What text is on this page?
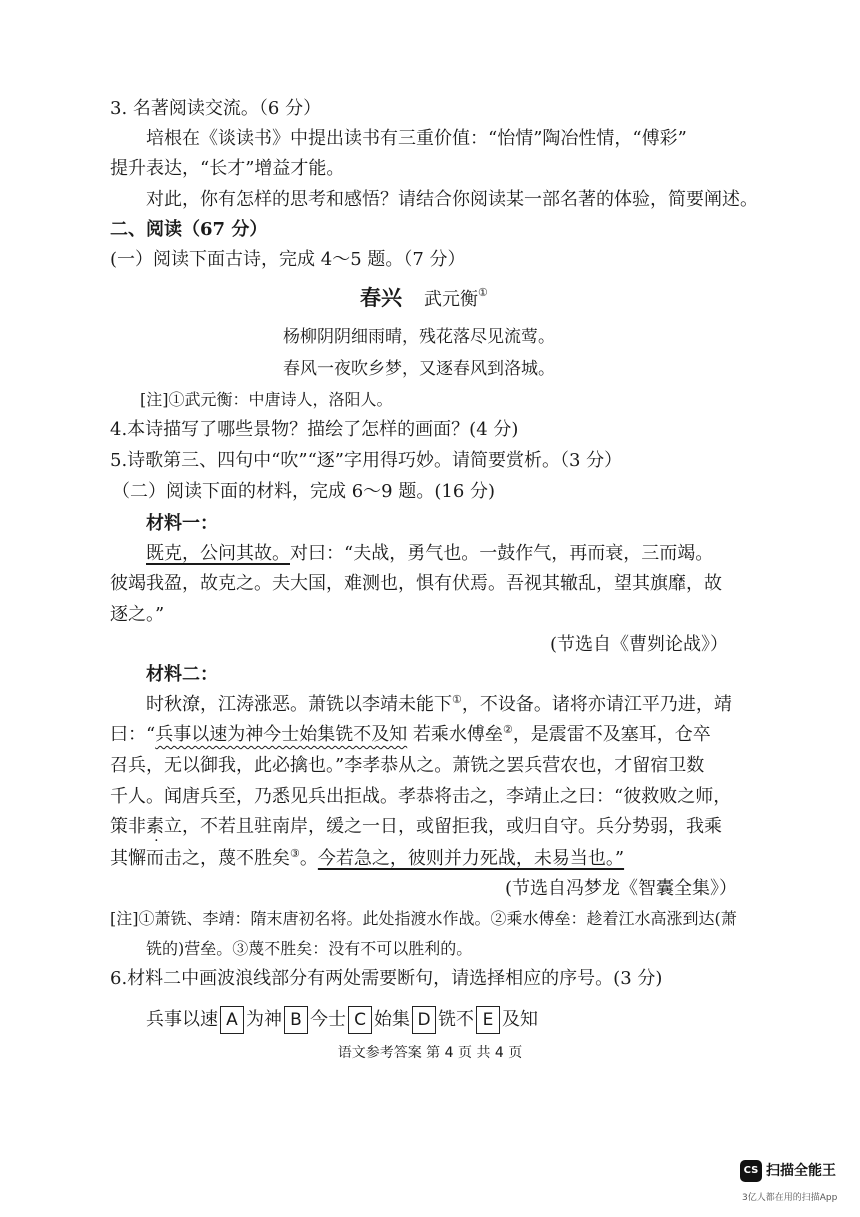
3. 名著阅读交流。（6 分）
培根在《谈读书》中提出读书有三重价值：“怡情”陶冶性情，“傅彩”
提升表达，“长才”增益才能。
对此，你有怎样的思考和感悟？请结合你阅读某一部名著的体验，简要阐述。
二、阅读（67 分）
(一）阅读下面古诗，完成 4～5 题。（7 分）
春兴 武元衡①
杨柳阴阴细雨晴，残花落尽见流莺。
春风一夜吹乡梦，又逐春风到洛城。
[注]①武元衡：中唐诗人，洛阳人。
4.本诗描写了哪些景物？描绘了怎样的画面？(4 分)
5.诗歌第三、四句中“吹”“逐”字用得巧妙。请简要赏析。（3 分）
（二）阅读下面的材料，完成 6～9 题。(16 分)
材料一：
既克，公问其故。对曰：“夫战，勇气也。一鼓作气，再而衰，三而竭。
彼竭我盈，故克之。夫大国，难测也，惧有伏焉。吾视其辙乱，望其旗靡，故
逐之。”
(节选自《曹刿论战》）
材料二：
时秋潦，江涛涨恶。萧铣以李靖未能下①，不设备。诸将亦请江平乃进，靖
曰：“兵事以速为神今士始集铣不及知 若乘水傅垒②，是震雷不及塞耳，仓卒
召兵，无以御我，此必擒也。”李孝恭从之。萧铣之罢兵营农也，才留宿卫数
千人。闻唐兵至，乃悉见兵出拒战。孝恭将击之，李靖止之曰：“彼救败之师，
策非素立，不若且驻南岸，缓之一日，或留拒我，或归自守。兵分势弱，我乘
其懈而击之，蔑不胜矣③。今若急之，彼则并力死战，未易当也。”
(节选自冯梦龙《智囊全集》）
[注]①萧铣、李靖：隋末唐初名将。此处指渡水作战。②乘水傅垒：趁着江水高涨到达(萧
铣的)营垒。③蔑不胜矣：没有不可以胜利的。
6.材料二中画波浪线部分有两处需要断句，请选择相应的序号。(3 分)
兵事以速 A 为神 B 今士 C 始集 D 铣不 E 及知
语文参考答案 第 4 页 共 4 页
CS 扫描全能王
3亿人都在用的扫描App
